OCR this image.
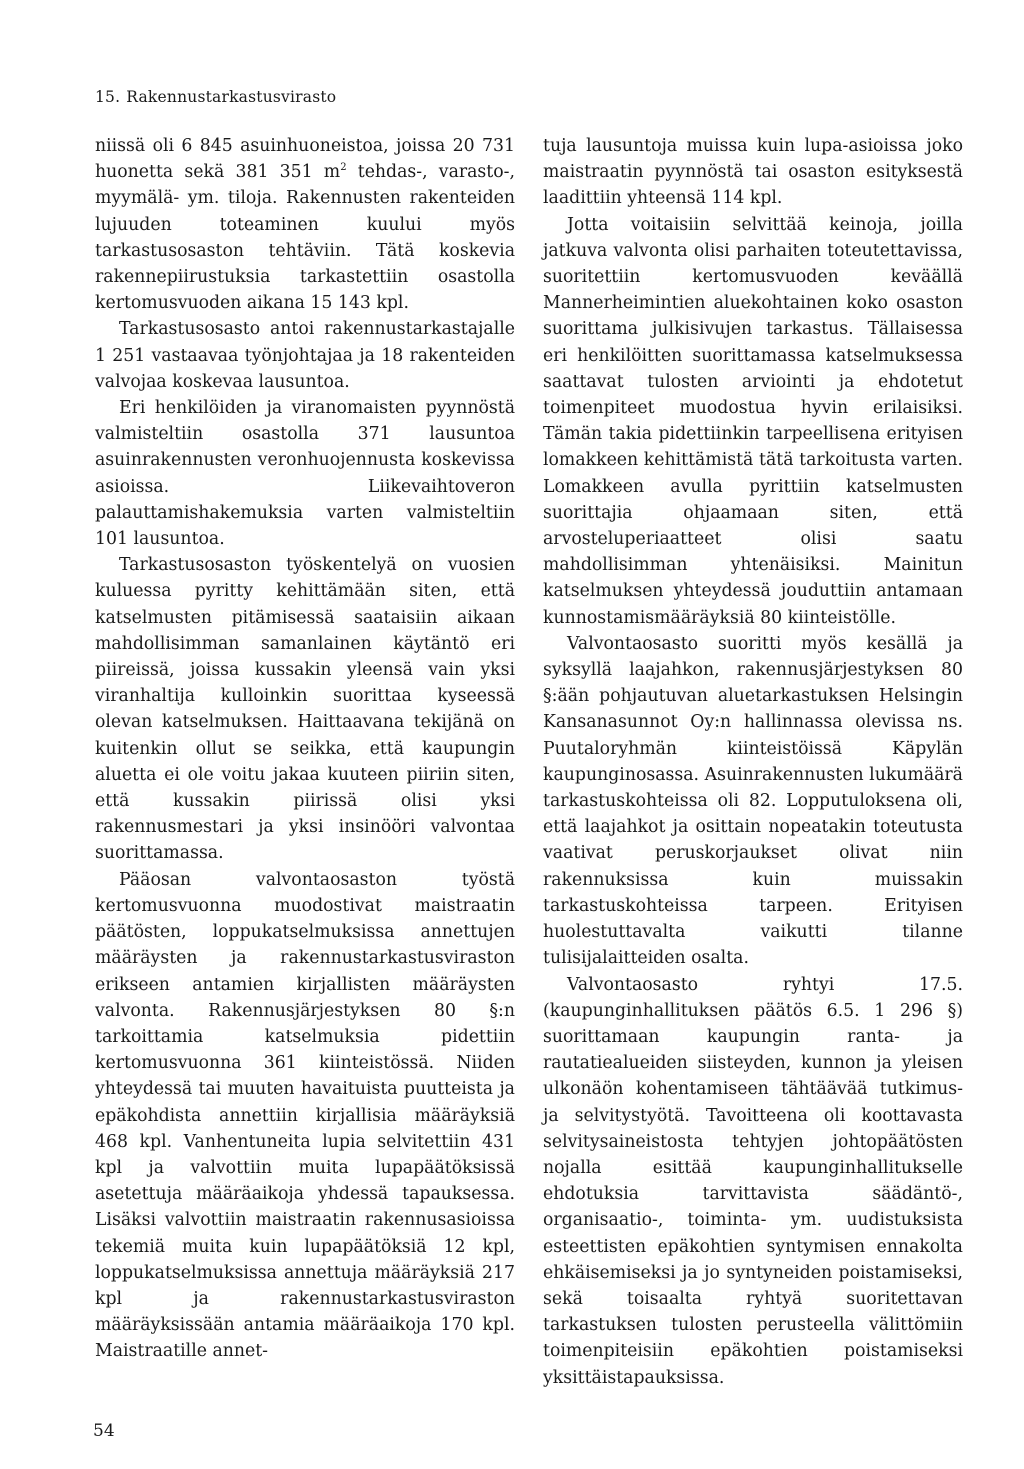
15. Rakennustarkastusvirasto

niissä oli 6 845 asuinhuoneistoa, joissa 20 731 huonetta sekä 381 351 $m^2$ tehdas-, varasto-, myymälä- ym. tiloja. Rakennusten rakenteiden lujuuden toteaminen kuului myös tarkastusosaston tehtäviin. Tätä koskevia rakennepiirustuksia tarkastettiin osastolla kertomusvuoden aikana 15 143 kpl.

Tarkastusosasto antoi rakennustarkastajalle 1 251 vastaavaa työnjohtajaa ja 18 rakenteiden valvojaa koskevaa lausuntoa.

Eri henkilöiden ja viranomaisten pyynnöstä valmisteltiin osastolla 371 lausuntoa asuinrakennusten veronhuojennusta koskevissa asioissa. Liikevaihtoveron palauttamishakemuksia varten valmisteltiin 101 lausuntoa.

Tarkastusosaston työskentelyä on vuosien kuluessa pyritty kehittämään siten, että katselmusten pitämisessä saataisiin aikaan mahdollisimman samanlainen käytäntö eri piireissä, joissa kussakin yleensä vain yksi viranhaltija kulloinkin suorittaa kyseessä olevan katselmuksen. Haittaavana tekijänä on kuitenkin ollut se seikka, että kaupungin aluetta ei ole voitu jakaa kuuteen piiriin siten, että kussakin piirissä olisi yksi rakennusmestari ja yksi insinööri valvontaa suorittamassa.

Pääosan valvontaosaston työstä kertomusvuonna muodostivat maistraatin päätösten, loppukatselmuksissa annettujen määräysten ja rakennustarkastusviraston erikseen antamien kirjallisten määräysten valvonta. Rakennusjärjestyksen 80 §:n tarkoittamia katselmuksia pidettiin kertomusvuonna 361 kiinteistössä. Niiden yhteydessä tai muuten havaituista puutteista ja epäkohdista annettiin kirjallisia määräyksiä 468 kpl. Vanhentuneita lupia selvitettiin 431 kpl ja valvottiin muita lupapäätöksissä asetettuja määräaikoja yhdessä tapauksessa. Lisäksi valvottiin maistraatin rakennusasioissa tekemiä muita kuin lupapäätöksiä 12 kpl, loppukatselmuksissa annettuja määräyksiä 217 kpl ja rakennustarkastusviraston määräyksissään antamia määräaikoja 170 kpl. Maistraatille annet-

tuja lausuntoja muissa kuin lupa-asioissa joko maistraatin pyynnöstä tai osaston esityksestä laadittiin yhteensä 114 kpl.

Jotta voitaisiin selvittää keinoja, joilla jatkuva valvonta olisi parhaiten toteutettavissa, suoritettiin kertomusvuoden keväällä Mannerheimintien aluekohtainen koko osaston suorittama julkisivujen tarkastus. Tällaisessa eri henkilöitten suorittamassa katselmuksessa saattavat tulosten arviointi ja ehdotetut toimenpiteet muodostua hyvin erilaisiksi. Tämän takia pidettiinkin tarpeellisena erityisen lomakkeen kehittämistä tätä tarkoitusta varten. Lomakkeen avulla pyrittiin katselmusten suorittajia ohjaamaan siten, että arvosteluperiaatteet olisi saatu mahdollisimman yhtenäisiksi. Mainitun katselmuksen yhteydessä jouduttiin antamaan kunnostamismääräyksiä 80 kiinteistölle.

Valvontaosasto suoritti myös kesällä ja syksyllä laajahkon, rakennusjärjestyksen 80 §:ään pohjautuvan aluetarkastuksen Helsingin Kansanasunnot Oy:n hallinnassa olevissa ns. Puutaloryhmän kiinteistöissä Käpylän kaupunginosassa. Asuinrakennusten lukumäärä tarkastuskohteissa oli 82. Lopputuloksena oli, että laajahkot ja osittain nopeatakin toteutusta vaativat peruskorjaukset olivat niin rakennuksissa kuin muissakin tarkastuskohteissa tarpeen. Erityisen huolestuttavalta vaikutti tilanne tulisijalaitteiden osalta.

Valvontaosasto ryhtyi 17.5. (kaupunginhallituksen päätös 6.5. 1 296 §) suorittamaan kaupungin ranta- ja rautatiealueiden siisteyden, kunnon ja yleisen ulkonäön kohentamiseen tähtäävää tutkimus- ja selvitystyötä. Tavoitteena oli koottavasta selvitysaineistosta tehtyjen johtopäätösten nojalla esittää kaupunginhallitukselle ehdotuksia tarvittavista säädäntö-, organisaatio-, toiminta- ym. uudistuksista esteettisten epäkohtien syntymisen ennakolta ehkäisemiseksi ja jo syntyneiden poistamiseksi, sekä toisaalta ryhtyä suoritettavan tarkastuksen tulosten perusteella välittömiin toimenpiteisiin epäkohtien poistamiseksi yksittäistapauksissa.

54
